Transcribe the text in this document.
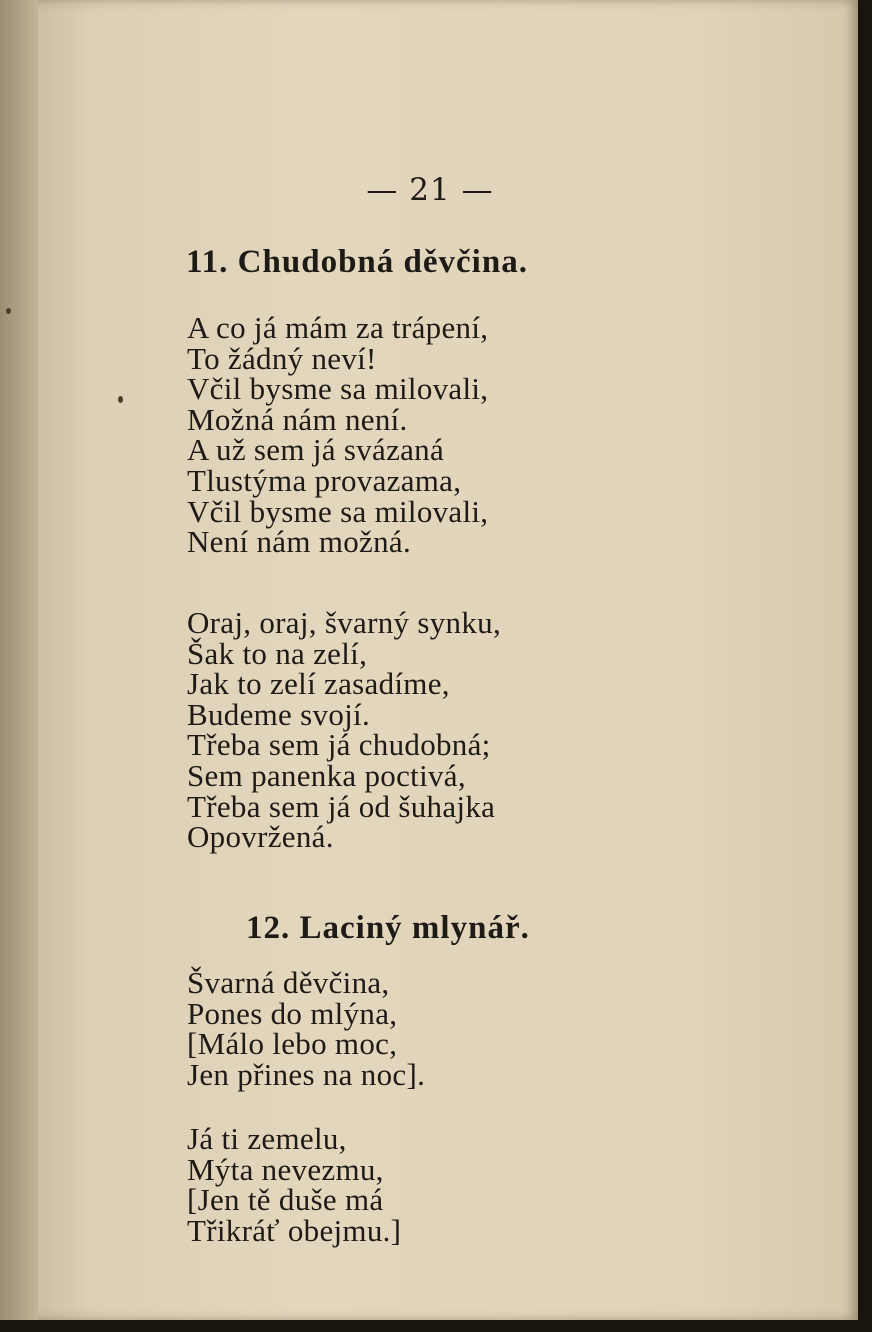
— 21 —
11. Chudobná děvčina.
A co já mám za trápení,
To žádný neví!
Včil bysme sa milovali,
Možná nám není.
A už sem já svázaná
Tlustýma provazama,
Včil bysme sa milovali,
Není nám možná.
Oraj, oraj, švarný synku,
Šak to na zelí,
Jak to zelí zasadíme,
Budeme svojí.
Třeba sem já chudobná;
Sem panenka poctivá,
Třeba sem já od šuhajka
Opovržená.
12. Laciný mlynář.
Švarná děvčina,
Pones do mlýna,
[Málo lebo moc,
Jen přines na noc].
Já ti zemelu,
Mýta nevezmu,
[Jen tě duše má
Třikráť obejmu.]
